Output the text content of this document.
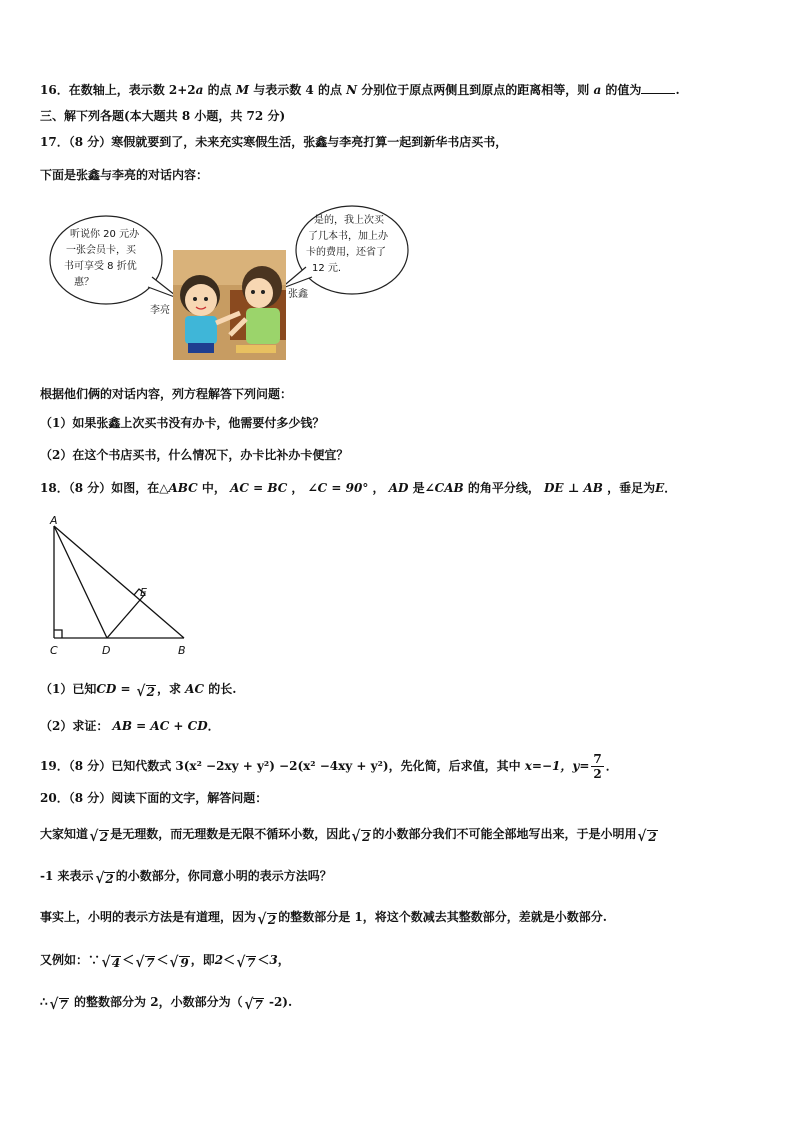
16．在数轴上，表示数 2+2a 的点 M 与表示数 4 的点 N 分别位于原点两侧且到原点的距离相等，则 a 的值为	.
三、解下列各题(本大题共 8 小题，共 72 分)
17．（8 分）寒假就要到了，未来充实寒假生活，张鑫与李亮打算一起到新华书店买书，
下面是张鑫与李亮的对话内容：
听说你 20 元办
一张会员卡，买
书可享受 8 折优
惠？
是的，我上次买
了几本书，加上办
卡的费用，还省了
12 元.
李亮
张鑫
根据他们俩的对话内容，列方程解答下列问题：
（1）如果张鑫上次买书没有办卡，他需要付多少钱？
（2）在这个书店买书，什么情况下，办卡比补办卡便宜？
18．（8 分）如图，在△ABC 中， AC = BC ， ∠C = 90° ， AD 是∠CAB 的角平分线， DE ⊥ AB ，垂足为E．
A
C	D	B
E
（1）已知CD = √ 2 ，求 AC 的长.
（2）求证： AB = AC + CD．
19．（8 分）已知代数式 3(x² −2xy + y²) −2(x² −4xy + y²)，先化简，后求值，其中 x=−1，$y= \frac{7}{2}$ ．
20．（8 分）阅读下面的文字，解答问题：
大家知道 √ 2 是无理数，而无理数是无限不循环小数，因此 √ 2 的小数部分我们不可能全部地写出来，于是小明用 √ 2
-1 来表示 √ 2 的小数部分，你同意小明的表示方法吗？
事实上，小明的表示方法是有道理，因为 √ 2 的整数部分是 1，将这个数减去其整数部分，差就是小数部分.
又例如：∵ √ 4 ＜ √ 7 ＜ √ 9 ，即2＜ √ 7 ＜3，
∴ √ 7 的整数部分为 2，小数部分为（ √ 7 -2).
